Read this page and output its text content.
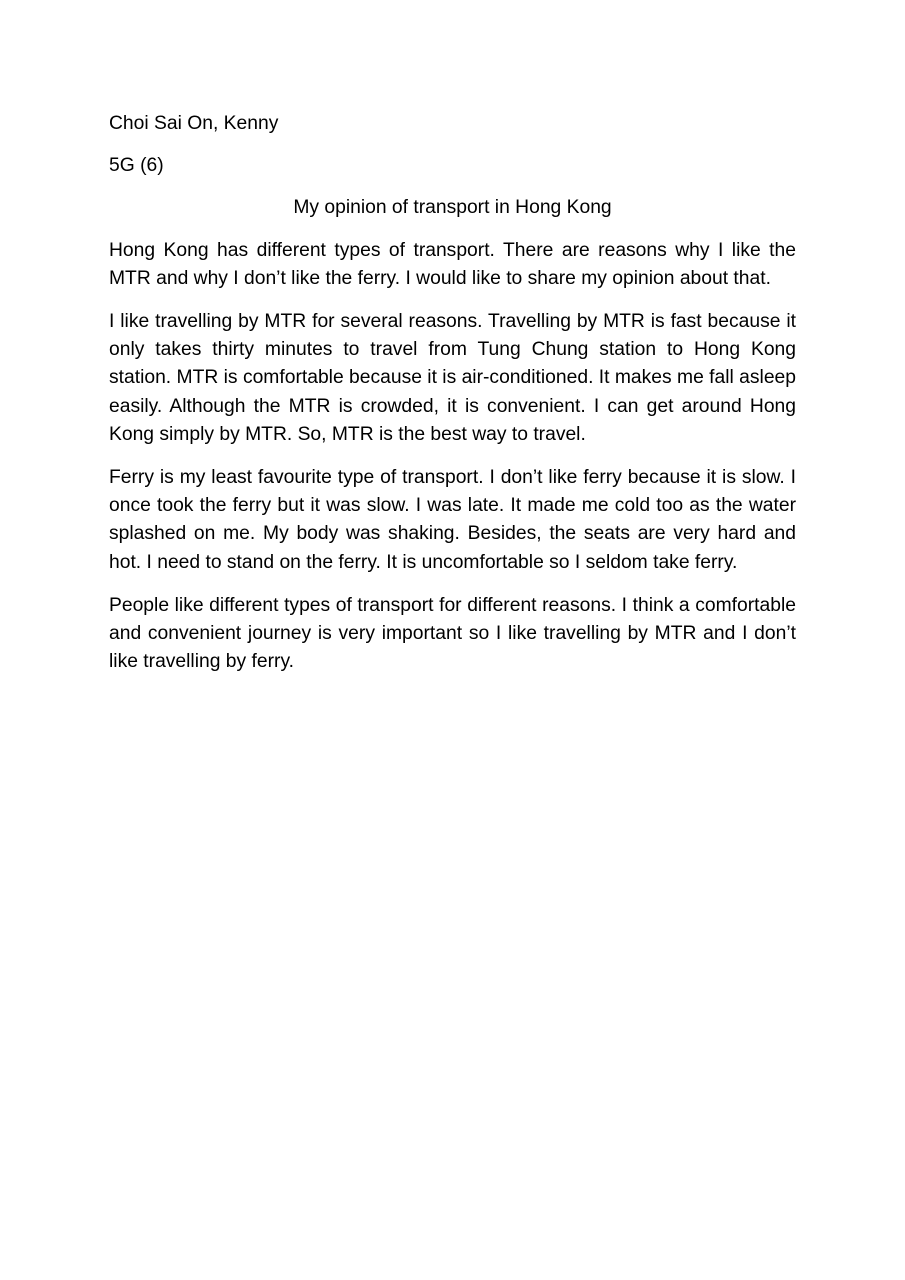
Choi Sai On, Kenny

5G (6)

My opinion of transport in Hong Kong

Hong Kong has different types of transport. There are reasons why I like the MTR and why I don’t like the ferry. I would like to share my opinion about that.

I like travelling by MTR for several reasons. Travelling by MTR is fast because it only takes thirty minutes to travel from Tung Chung station to Hong Kong station. MTR is comfortable because it is air-conditioned. It makes me fall asleep easily. Although the MTR is crowded, it is convenient. I can get around Hong Kong simply by MTR. So, MTR is the best way to travel.

Ferry is my least favourite type of transport. I don’t like ferry because it is slow. I once took the ferry but it was slow. I was late. It made me cold too as the water splashed on me. My body was shaking. Besides, the seats are very hard and hot. I need to stand on the ferry. It is uncomfortable so I seldom take ferry.

People like different types of transport for different reasons. I think a comfortable and convenient journey is very important so I like travelling by MTR and I don’t like travelling by ferry.
